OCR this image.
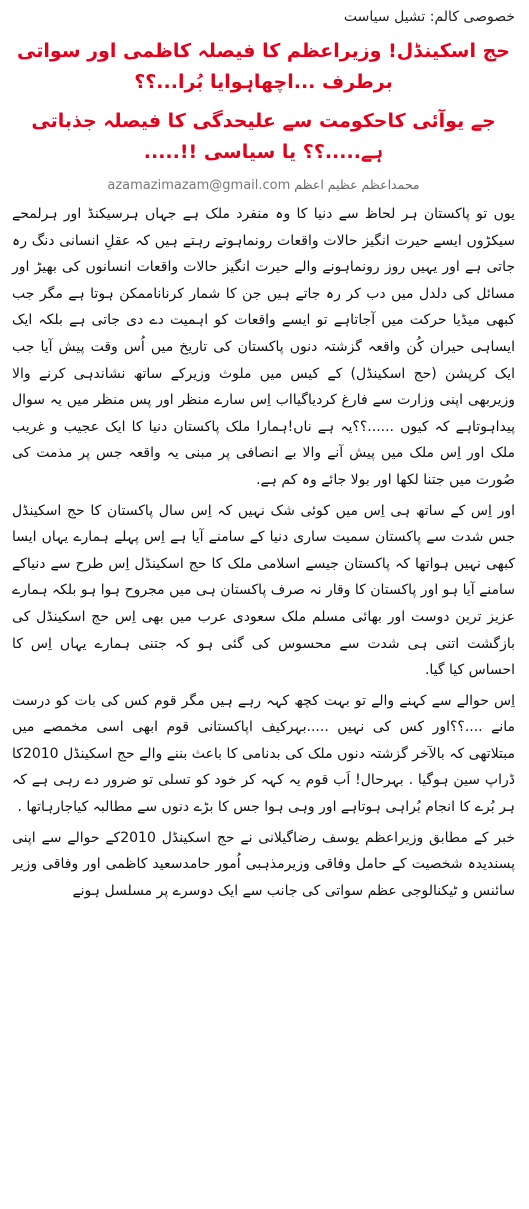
خصوصی کالم: تشیل سیاست
حج اسکینڈل! وزیراعظم کا فیصلہ کاظمی اور سواتی برطرف ...اچھاہوایا بُرا...؟؟
جے یوآئی کاحکومت سے علیحدگی کا فیصلہ جذباتی ہے.....؟؟ یا سیاسی !!.....
محمداعظم عظیم اعظم azamazimazam@gmail.com

یوں تو پاکستان ہر لحاظ سے دنیا کا وہ منفرد ملک ہے جہاں ہرسیکنڈ اور ہرلمحے سیکڑوں ایسے حیرت انگیز حالات واقعات رونماہوتے رہتے ہیں کہ عقلِ انسانی دنگ رہ جاتی ہے اور یہیں روز رونماہونے والے حیرت انگیز حالات واقعات انسانوں کی بھیڑ اور مسائل کی دلدل میں دب کر رہ جاتے ہیں جن کا شمار کرناناممکن ہوتا ہے مگر جب کبھی میڈیا حرکت میں آجاتاہے تو ایسے واقعات کو اہمیت دے دی جاتی ہے بلکہ ایک ایساہی حیران کُن واقعہ گزشتہ دنوں پاکستان کی تاریخ میں اُس وقت پیش آیا جب ایک کرپشن (حج اسکینڈل) کے کیس میں ملوث وزیرکے ساتھ نشاندہی کرنے والا وزیربھی اپنی وزارت سے فارغ کردیاگیااب اِس سارے منظر اور پس منظر میں یہ سوال پیداہوتاہے کہ کیوں ......؟؟یہ ہے ناں!ہمارا ملک پاکستان دنیا کا ایک عجیب و غریب ملک اور اِس ملک میں پیش آنے والا بے انصافی پر مبنی یہ واقعہ جس پر مذمت کی صُورت میں جتنا لکھا اور بولا جائے وہ کم ہے.

اور اِس کے ساتھ ہی اِس میں کوئی شک نہیں کہ اِس سال پاکستان کا حج اسکینڈل جس شدت سے پاکستان سمیت ساری دنیا کے سامنے آیا ہے اِس پہلے ہمارے یہاں ایسا کبھی نہیں ہواتھا کہ پاکستان جیسے اسلامی ملک کا حج اسکینڈل اِس طرح سے دنیاکے سامنے آیا ہو اور پاکستان کا وقار نہ صرف پاکستان ہی میں مجروح ہوا ہو بلکہ ہمارے عزیز ترین دوست اور بھائی مسلم ملک سعودی عرب میں بھی اِس حج اسکینڈل کی بازگشت اتنی ہی شدت سے محسوس کی گئی ہو کہ جتنی ہمارے یہاں اِس کا احساس کیا گیا.

اِس حوالے سے کہنے والے تو بہت کچھ کہہ رہے ہیں مگر قوم کس کی بات کو درست مانے ....؟؟اور کس کی نہیں .....بہرکیف اپاکستانی قوم ابھی اسی مخمصے میں مبتلاتھی کہ بالآخر گزشتہ دنوں ملک کی بدنامی کا باعث بننے والے حج اسکینڈل 2010کا ڈراپ سین ہوگیا . بہرحال! اَب قوم یہ کہہ کر خود کو تسلی تو ضرور دے رہی ہے کہ ہر بُرے کا انجام بُراہی ہوتاہے اور وہی ہوا جس کا بڑے دنوں سے مطالبہ کیاجارہاتھا .

خبر کے مطابق وزیراعظم یوسف رضاگیلانی نے حج اسکینڈل 2010کے حوالے سے اپنی پسندیدہ شخصیت کے حامل وفاقی وزیرمذہبی اُمور حامدسعید کاظمی اور وفاقی وزیر سائنس و ٹیکنالوجی عظم سواتی کی جانب سے ایک دوسرے پر مسلسل ہونے
